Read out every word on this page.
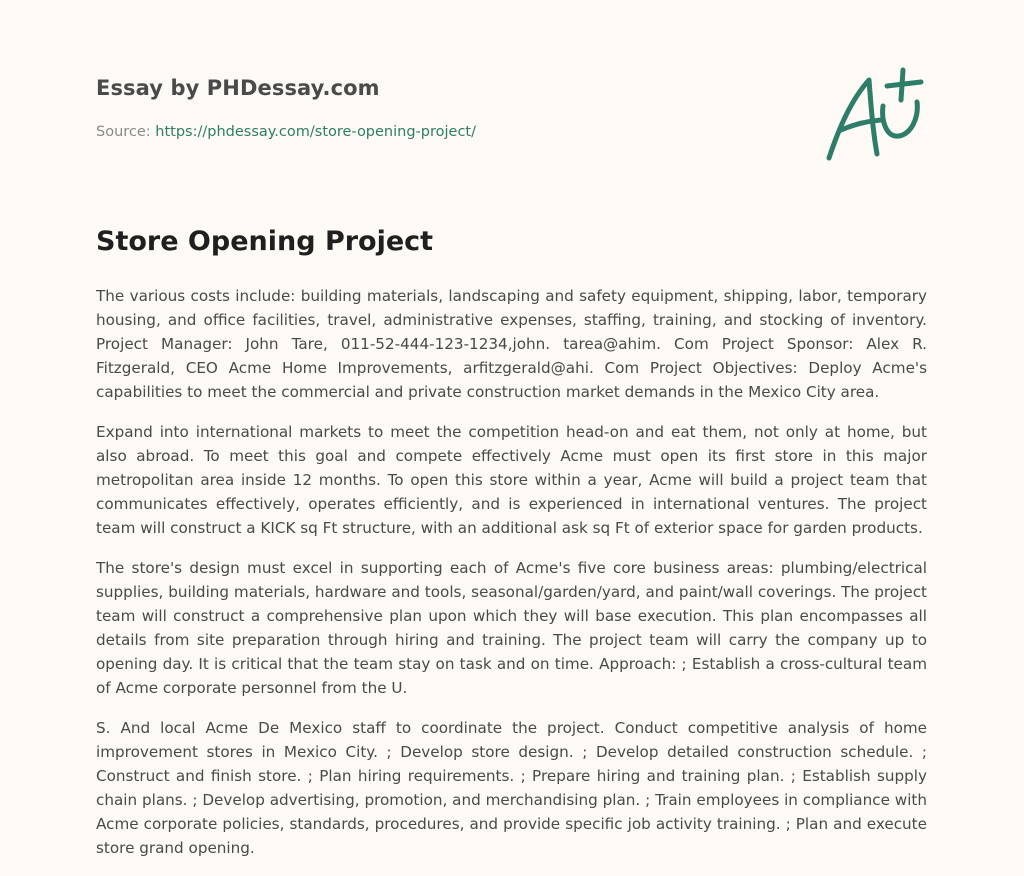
Essay by PHDessay.com
Source: https://phdessay.com/store-opening-project/
Store Opening Project

The various costs include: building materials, landscaping and safety equipment, shipping, labor, temporary housing, and office facilities, travel, administrative expenses, staffing, training, and stocking of inventory. Project Manager: John Tare, 011-52-444-123-1234,john. tarea@ahim. Com Project Sponsor: Alex R. Fitzgerald, CEO Acme Home Improvements, arfitzgerald@ahi. Com Project Objectives: Deploy Acme's capabilities to meet the commercial and private construction market demands in the Mexico City area.

Expand into international markets to meet the competition head-on and eat them, not only at home, but also abroad. To meet this goal and compete effectively Acme must open its first store in this major metropolitan area inside 12 months. To open this store within a year, Acme will build a project team that communicates effectively, operates efficiently, and is experienced in international ventures. The project team will construct a KICK sq Ft structure, with an additional ask sq Ft of exterior space for garden products.

The store's design must excel in supporting each of Acme's five core business areas: plumbing/electrical supplies, building materials, hardware and tools, seasonal/garden/yard, and paint/wall coverings. The project team will construct a comprehensive plan upon which they will base execution. This plan encompasses all details from site preparation through hiring and training. The project team will carry the company up to opening day. It is critical that the team stay on task and on time. Approach: ; Establish a cross-cultural team of Acme corporate personnel from the U.

S. And local Acme De Mexico staff to coordinate the project. Conduct competitive analysis of home improvement stores in Mexico City. ; Develop store design. ; Develop detailed construction schedule. ; Construct and finish store. ; Plan hiring requirements. ; Prepare hiring and training plan. ; Establish supply chain plans. ; Develop advertising, promotion, and merchandising plan. ; Train employees in compliance with Acme corporate policies, standards, procedures, and provide specific job activity training. ; Plan and execute store grand opening.
